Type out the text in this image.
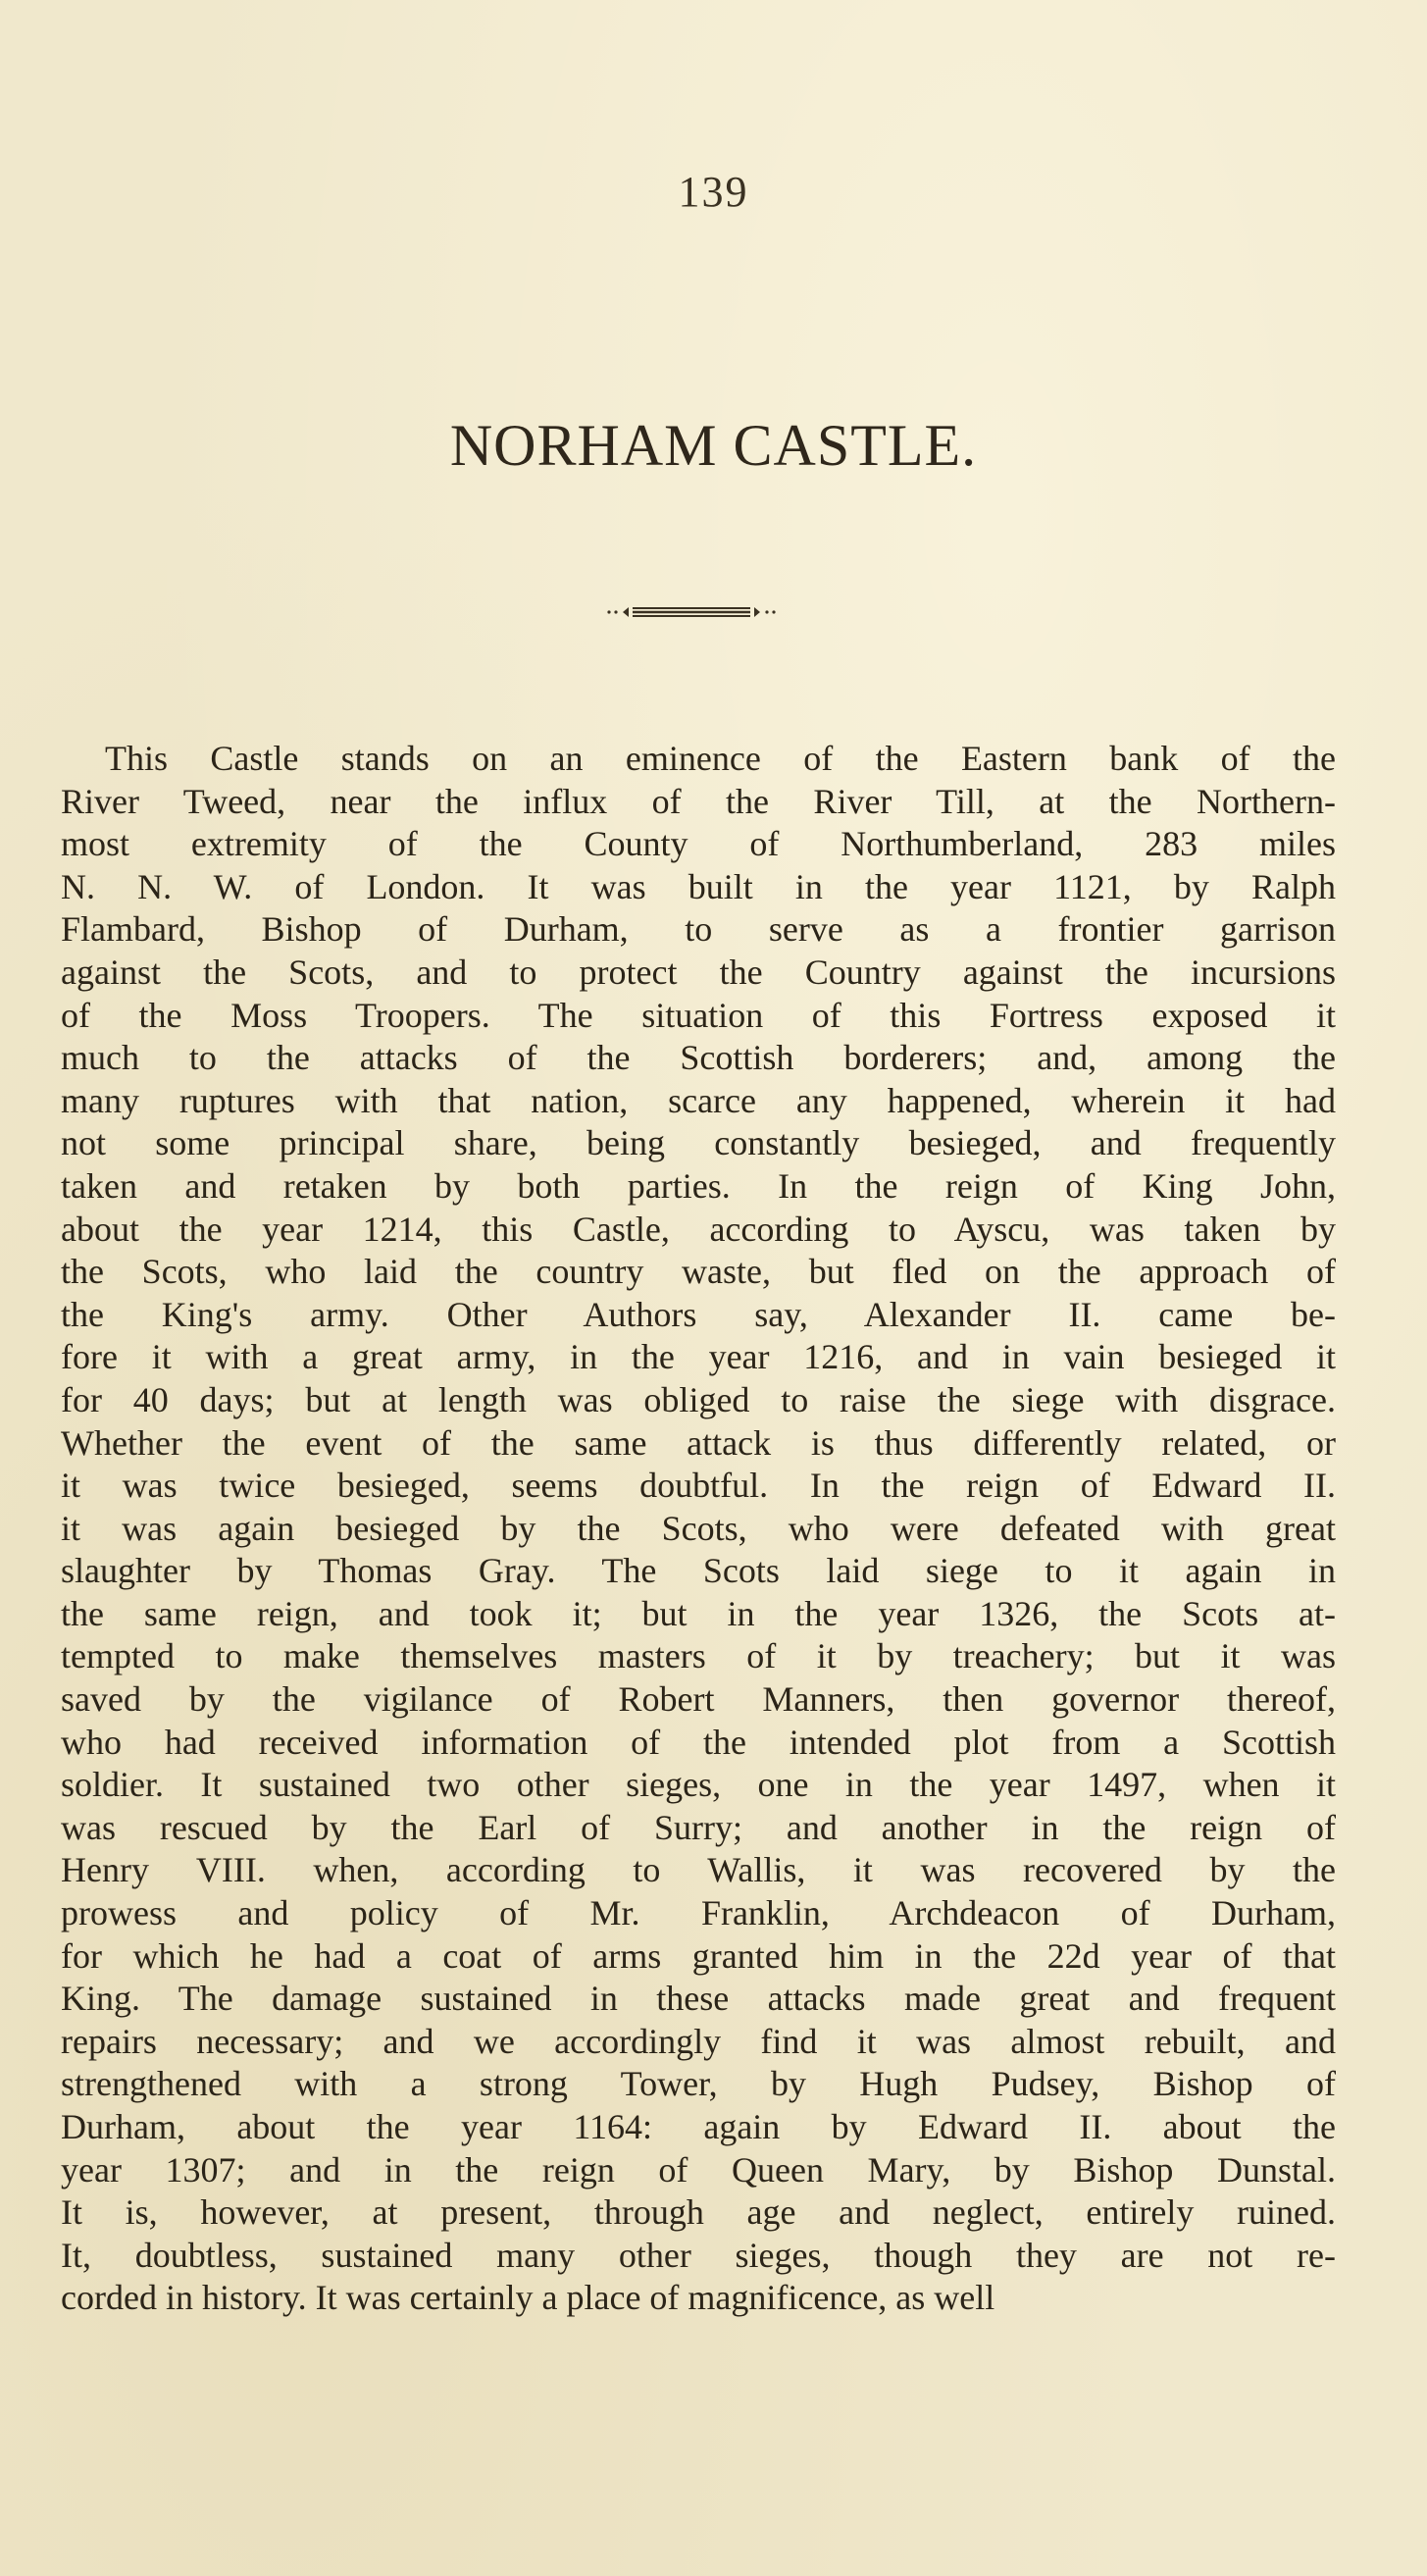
139
NORHAM CASTLE.
This Castle stands on an eminence of the Eastern bank of the
River Tweed, near the influx of the River Till, at the Northern-
most extremity of the County of Northumberland, 283 miles
N. N. W. of London. It was built in the year 1121, by Ralph
Flambard, Bishop of Durham, to serve as a frontier garrison
against the Scots, and to protect the Country against the incursions
of the Moss Troopers. The situation of this Fortress exposed it
much to the attacks of the Scottish borderers; and, among the
many ruptures with that nation, scarce any happened, wherein it had
not some principal share, being constantly besieged, and frequently
taken and retaken by both parties. In the reign of King John,
about the year 1214, this Castle, according to Ayscu, was taken by
the Scots, who laid the country waste, but fled on the approach of
the King's army. Other Authors say, Alexander II. came be-
fore it with a great army, in the year 1216, and in vain besieged it
for 40 days; but at length was obliged to raise the siege with disgrace.
Whether the event of the same attack is thus differently related, or
it was twice besieged, seems doubtful. In the reign of Edward II.
it was again besieged by the Scots, who were defeated with great
slaughter by Thomas Gray. The Scots laid siege to it again in
the same reign, and took it; but in the year 1326, the Scots at-
tempted to make themselves masters of it by treachery; but it was
saved by the vigilance of Robert Manners, then governor thereof,
who had received information of the intended plot from a Scottish
soldier. It sustained two other sieges, one in the year 1497, when it
was rescued by the Earl of Surry; and another in the reign of
Henry VIII. when, according to Wallis, it was recovered by the
prowess and policy of Mr. Franklin, Archdeacon of Durham,
for which he had a coat of arms granted him in the 22d year of that
King. The damage sustained in these attacks made great and frequent
repairs necessary; and we accordingly find it was almost rebuilt, and
strengthened with a strong Tower, by Hugh Pudsey, Bishop of
Durham, about the year 1164: again by Edward II. about the
year 1307; and in the reign of Queen Mary, by Bishop Dunstal.
It is, however, at present, through age and neglect, entirely ruined.
It, doubtless, sustained many other sieges, though they are not re-
corded in history. It was certainly a place of magnificence, as well
